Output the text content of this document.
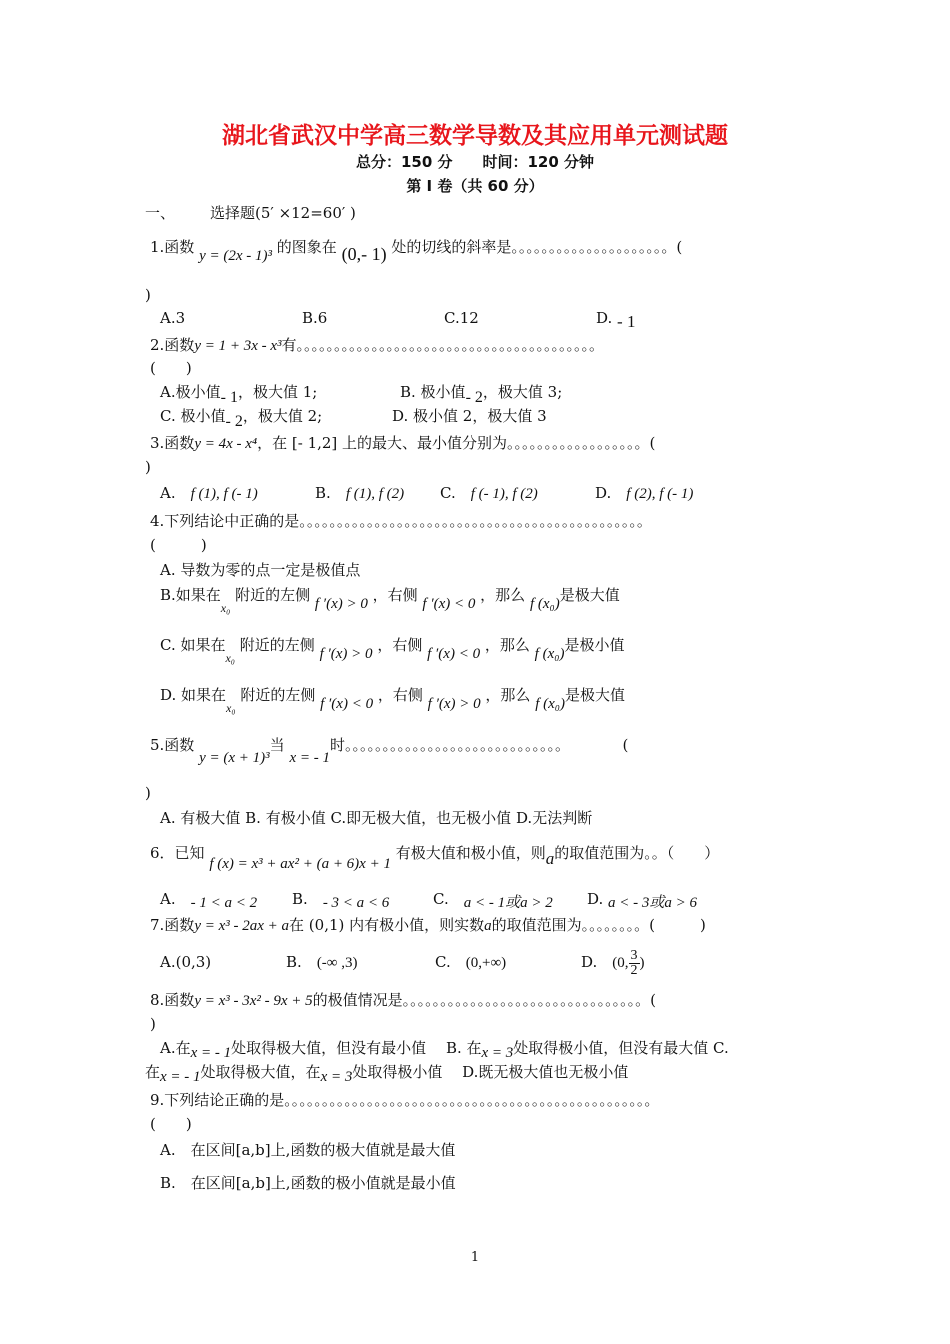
湖北省武汉中学高三数学导数及其应用单元测试题
总分：150 分　　时间：120 分钟
第 I 卷（共 60 分）
一、 选择题(5′ ×12=60′ )
1.函数 y = (2x - 1)³ 的图象在 (0,- 1) 处的切线的斜率是。。。。。。。。。。。。。。。。。。。。。(
)
A.3	B.6	C.12	D. - 1
2.函数y = 1 + 3x - x³有。。。。。。。。。。。。。。。。。。。。。。。。。。。。。。。。。。。。。。。。
(　　)
A.极小值- 1，极大值 1;	B. 极小值- 2，极大值 3;
C. 极小值- 2，极大值 2;	D. 极小值 2，极大值 3
3.函数y = 4x - x⁴，在 [- 1,2] 上的最大、最小值分别为。。。。。。。。。。。。。。。。。。(
)
A.　 f (1), f (- 1)	B.　 f (1), f (2) C.　 f (- 1), f (2)	D.　 f (2), f (- 1)
4.下列结论中正确的是。。。。。。。。。。。。。。。。。。。。。。。。。。。。。。。。。。。。。。。。。。。。。。
(　　　)
A. 导数为零的点一定是极值点
B.如果在$_{x_0}$ 附近的左侧 f ′(x) > 0 ，右侧 f ′(x) < 0 ，那么 f (x₀)是极大值
C. 如果在$_{x_0}$ 附近的左侧 f ′(x) > 0 ，右侧 f ′(x) < 0 ，那么 f (x₀)是极小值
D. 如果在$_{x_0}$ 附近的左侧 f ′(x) < 0 ，右侧 f ′(x) > 0 ，那么 f (x₀)是极大值
5.函数 y = (x + 1)³当 x = - 1时。。。。。。。。。。。。。。。。。。。。。。。。。。。。。　　　　(
)
A. 有极大值 B. 有极小值 C.即无极大值，也无极小值 D.无法判断
6．已知 f (x) = x³ + ax² + (a + 6)x + 1 有极大值和极小值，则a的取值范围为。。（　　）
A.　 - 1 < a < 2 B.　 - 3 < a < 6	C.　 a < - 1或a > 2 D. a < - 3或a > 6
7.函数y = x³ - 2ax + a在 (0,1) 内有极小值，则实数a的取值范围为。。。。。。。。(　　　)
A.(0,3)	B.　 (-∞ ,3)	C.　 (0,+∞)	D.　 (0, $\frac{3}{2}$ )
8.函数y = x³ - 3x² - 9x + 5的极值情况是。。。。。。。。。。。。。。。。。。。。。。。。。。。。。。。。(
)
A.在x = - 1处取得极大值，但没有最小值 　 B. 在x = 3处取得极小值，但没有最大值 C.
在x = - 1处取得极大值，在x = 3处取得极小值 　 D.既无极大值也无极小值
9.下列结论正确的是。。。。。。。。。。。。。。。。。。。。。。。。。。。。。。。。。。。。。。。。。。。。。。。。。
(　　)
A.　在区间[a,b]上,函数的极大值就是最大值
B.　在区间[a,b]上,函数的极小值就是最小值
1
